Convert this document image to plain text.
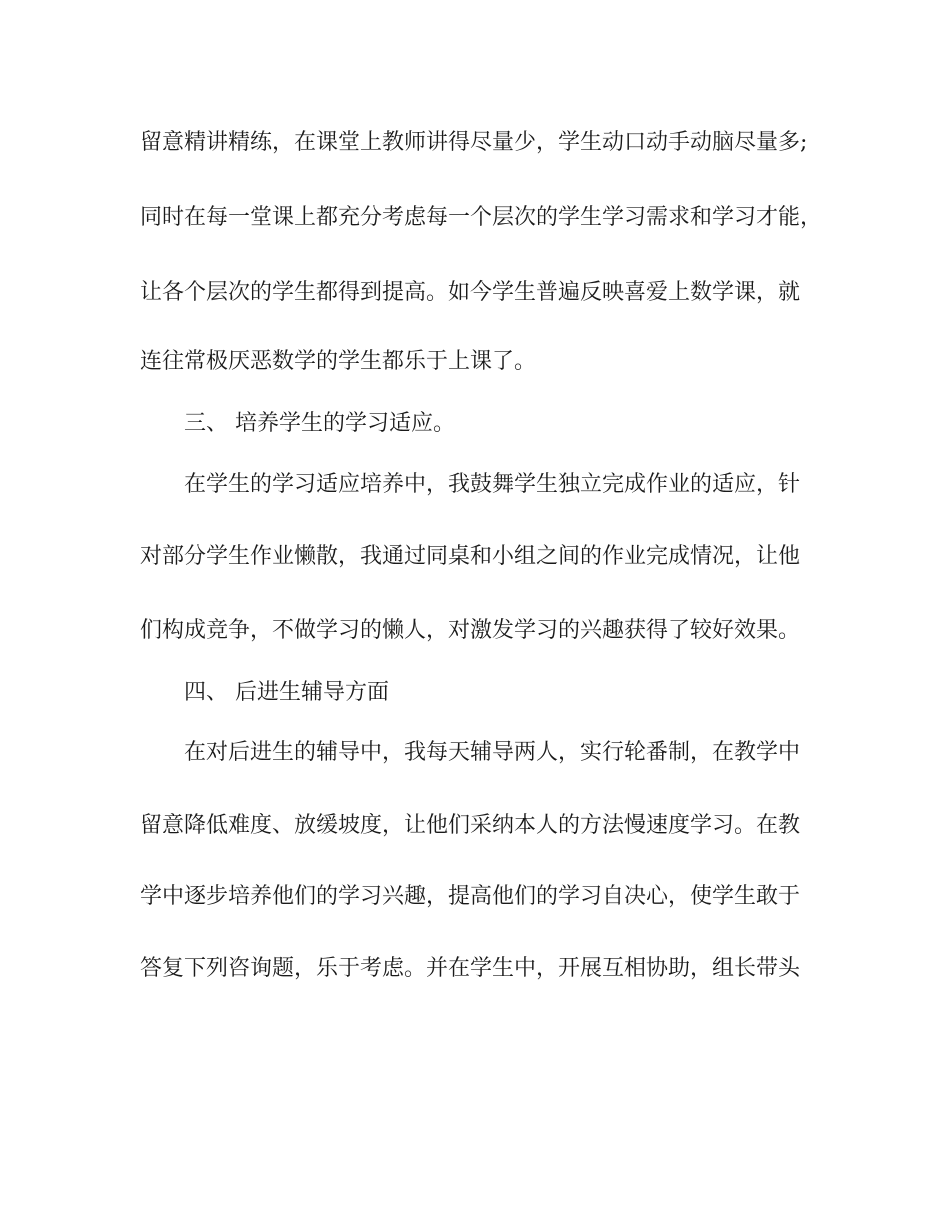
留意精讲精练，在课堂上教师讲得尽量少，学生动口动手动脑尽量多;

同时在每一堂课上都充分考虑每一个层次的学生学习需求和学习才能，

让各个层次的学生都得到提高。如今学生普遍反映喜爱上数学课，就

连往常极厌恶数学的学生都乐于上课了。

三、 培养学生的学习适应。

在学生的学习适应培养中，我鼓舞学生独立完成作业的适应，针

对部分学生作业懒散，我通过同桌和小组之间的作业完成情况，让他

们构成竞争，不做学习的懒人，对激发学习的兴趣获得了较好效果。

四、 后进生辅导方面

在对后进生的辅导中，我每天辅导两人，实行轮番制，在教学中

留意降低难度、放缓坡度，让他们采纳本人的方法慢速度学习。在教

学中逐步培养他们的学习兴趣，提高他们的学习自决心，使学生敢于

答复下列咨询题，乐于考虑。并在学生中，开展互相协助，组长带头
